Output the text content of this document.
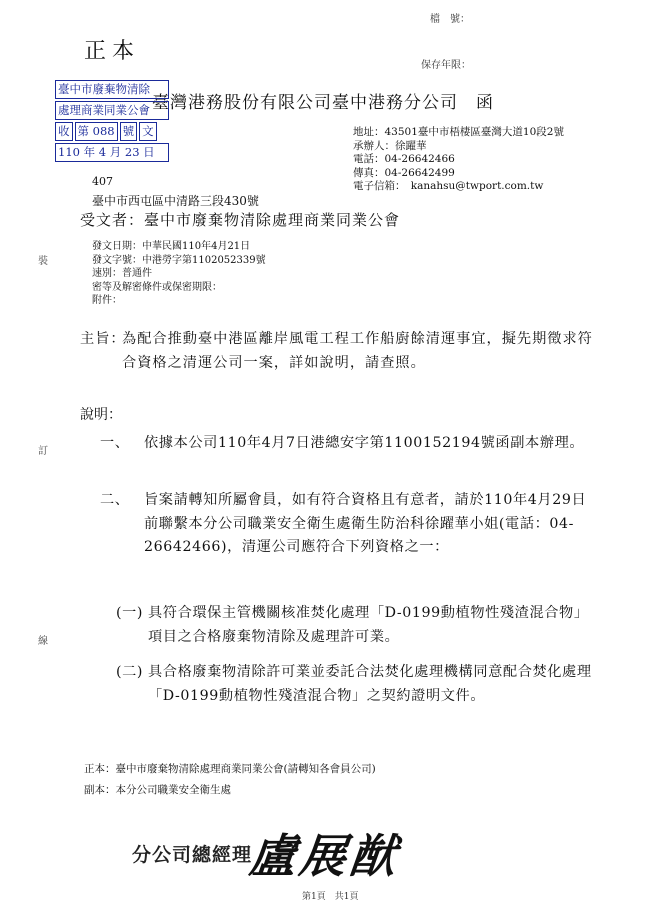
檔　號：
保存年限：
正本
臺灣港務股份有限公司臺中港務分公司　函
臺中市廢棄物清除
處理商業同業公會
收 第 088 號 文
110 年 4 月 23 日
地址：43501臺中市梧棲區臺灣大道10段2號
承辦人：徐躍華
電話：04-26642466
傳真：04-26642499
電子信箱：　kanahsu@twport.com.tw
407
臺中市西屯區中清路三段430號
受文者：臺中市廢棄物清除處理商業同業公會
發文日期：中華民國110年4月21日
發文字號：中港勞字第1102052339號
速別：普通件
密等及解密條件或保密期限：
附件：
主旨：
為配合推動臺中港區離岸風電工程工作船廚餘清運事宜，擬先期徵求符合資格之清運公司一案，詳如說明，請查照。
說明：
一、 依據本公司110年4月7日港總安字第1100152194號函副本辦理。
二、 旨案請轉知所屬會員，如有符合資格且有意者，請於110年4月29日前聯繫本分公司職業安全衛生處衛生防治科徐躍華小姐(電話：04-26642466)，清運公司應符合下列資格之一：
(一) 具符合環保主管機關核准焚化處理「D-0199動植物性殘渣混合物」項目之合格廢棄物清除及處理許可業。
(二) 具合格廢棄物清除許可業並委託合法焚化處理機構同意配合焚化處理「D-0199動植物性殘渣混合物」之契約證明文件。
裝
訂
線
正本：臺中市廢棄物清除處理商業同業公會(請轉知各會員公司)
副本：本分公司職業安全衛生處
分公司總經理
盧展猷
第1頁　共1頁
